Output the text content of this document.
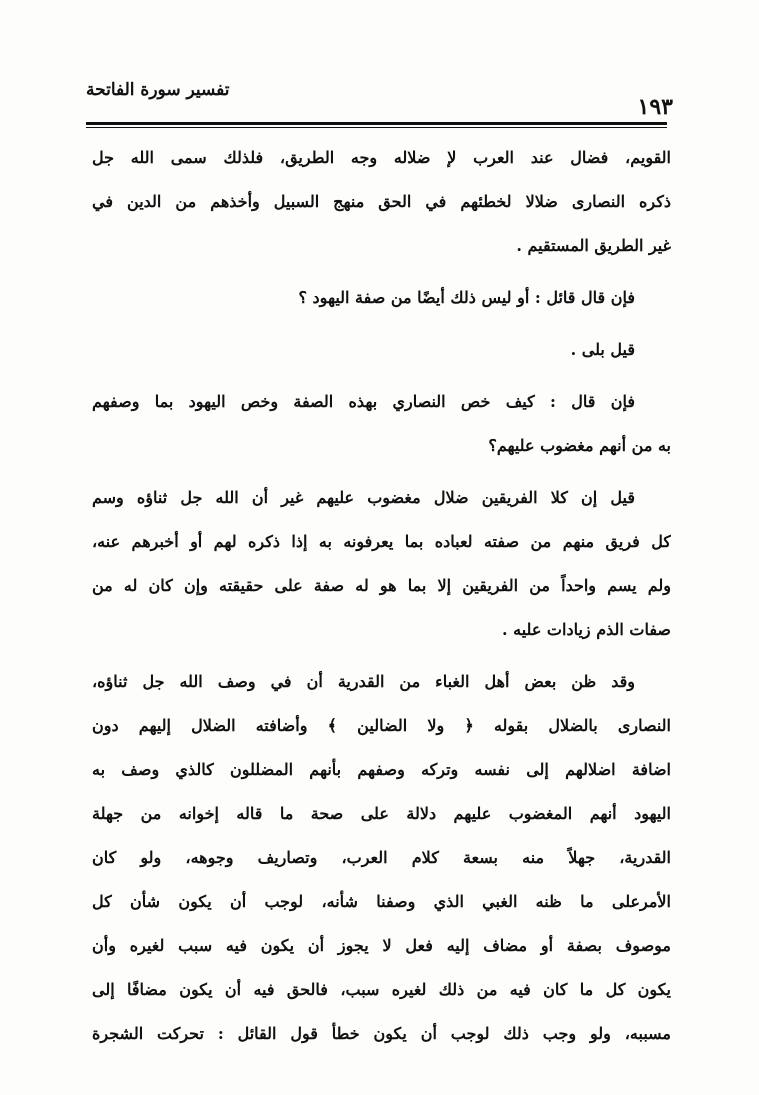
تفسير سورة الفاتحة
١٩٣
القويم، فضال عند العرب لإ ضلاله وجه الطريق، فلذلك سمى الله جل
ذكره النصارى ضلالا لخطئهم في الحق منهج السبيل وأخذهم من الدين في
غير الطريق المستقيم .
فإن قال قائل : أو ليس ذلك أيضًا من صفة اليهود ؟
قيل بلى .
فإن قال : كيف خص النصاري بهذه الصفة وخص اليهود بما وصفهم
به من أنهم مغضوب عليهم؟
قيل إن كلا الفريقين ضلال مغضوب عليهم غير أن الله جل ثناؤه وسم
كل فريق منهم من صفته لعباده بما يعرفونه به إذا ذكره لهم أو أخبرهم عنه،
ولم يسم واحداً من الفريقين إلا بما هو له صفة على حقيقته وإن كان له من
صفات الذم زيادات عليه .
وقد ظن بعض أهل الغباء من القدرية أن في وصف الله جل ثناؤه،
النصارى بالضلال بقوله ﴿ ولا الضالين ﴾ وأضافته الضلال إليهم دون
اضافة اضلالهم إلى نفسه وتركه وصفهم بأنهم المضللون كالذي وصف به
اليهود أنهم المغضوب عليهم دلالة على صحة ما قاله إخوانه من جهلة
القدرية، جهلاً منه بسعة كلام العرب، وتصاريف وجوهه، ولو كان
الأمرعلى ما ظنه الغبي الذي وصفنا شأنه، لوجب أن يكون شأن كل
موصوف بصفة أو مضاف إليه فعل لا يجوز أن يكون فيه سبب لغيره وأن
يكون كل ما كان فيه من ذلك لغيره سبب، فالحق فيه أن يكون مضافًا إلى
مسببه، ولو وجب ذلك لوجب أن يكون خطأ قول القائل : تحركت الشجرة
